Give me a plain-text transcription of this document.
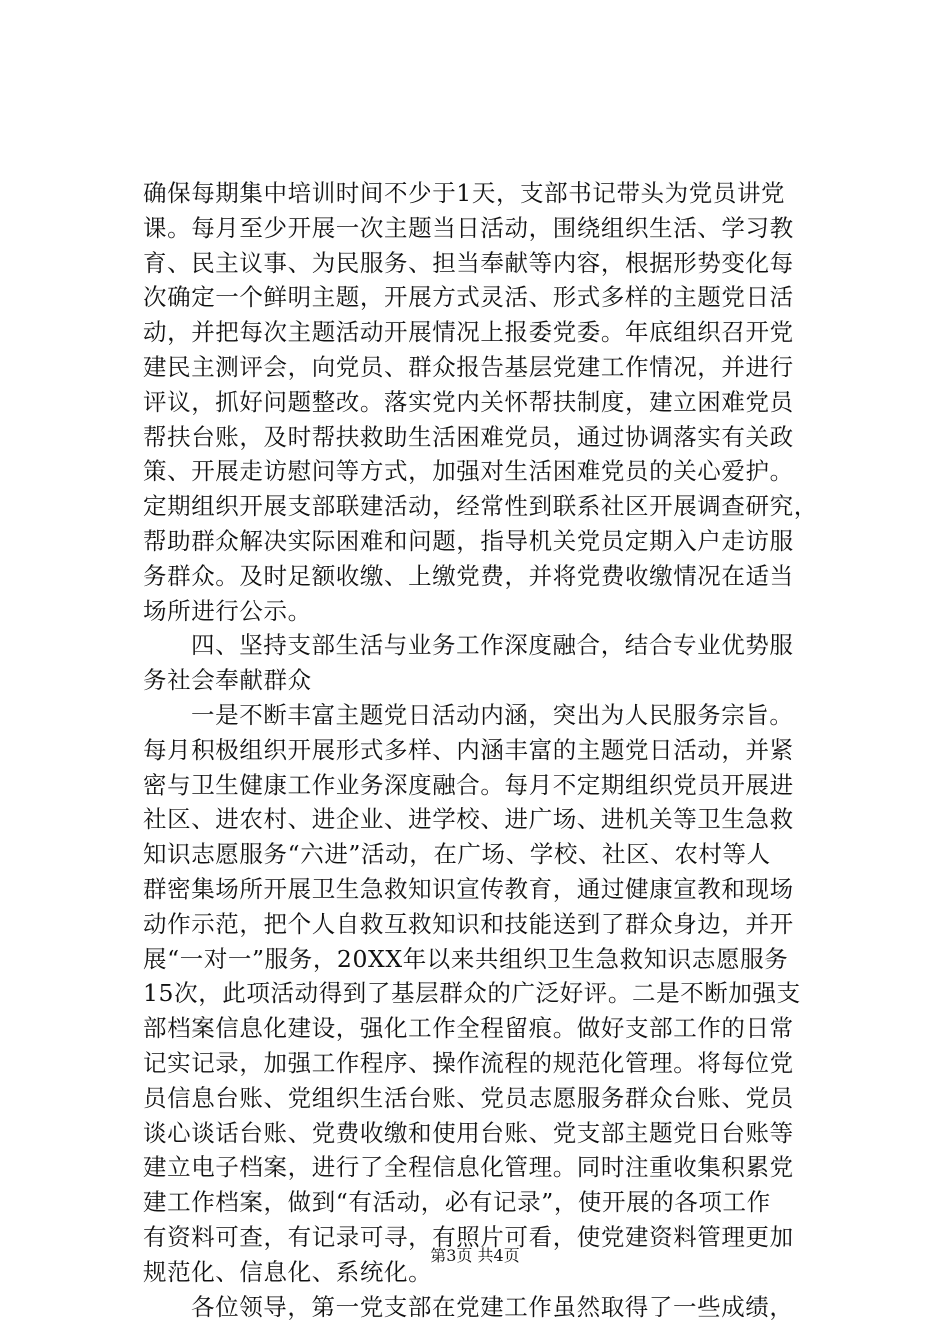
确保每期集中培训时间不少于1天，支部书记带头为党员讲党
课。每月至少开展一次主题当日活动，围绕组织生活、学习教
育、民主议事、为民服务、担当奉献等内容，根据形势变化每
次确定一个鲜明主题，开展方式灵活、形式多样的主题党日活
动，并把每次主题活动开展情况上报委党委。年底组织召开党
建民主测评会，向党员、群众报告基层党建工作情况，并进行
评议，抓好问题整改。落实党内关怀帮扶制度，建立困难党员
帮扶台账，及时帮扶救助生活困难党员，通过协调落实有关政
策、开展走访慰问等方式，加强对生活困难党员的关心爱护。
定期组织开展支部联建活动，经常性到联系社区开展调查研究，
帮助群众解决实际困难和问题，指导机关党员定期入户走访服
务群众。及时足额收缴、上缴党费，并将党费收缴情况在适当
场所进行公示。
四、坚持支部生活与业务工作深度融合，结合专业优势服
务社会奉献群众
一是不断丰富主题党日活动内涵，突出为人民服务宗旨。
每月积极组织开展形式多样、内涵丰富的主题党日活动，并紧
密与卫生健康工作业务深度融合。每月不定期组织党员开展进
社区、进农村、进企业、进学校、进广场、进机关等卫生急救
知识志愿服务“六进”活动，在广场、学校、社区、农村等人
群密集场所开展卫生急救知识宣传教育，通过健康宣教和现场
动作示范，把个人自救互救知识和技能送到了群众身边，并开
展“一对一”服务，20XX年以来共组织卫生急救知识志愿服务
15次，此项活动得到了基层群众的广泛好评。二是不断加强支
部档案信息化建设，强化工作全程留痕。做好支部工作的日常
记实记录，加强工作程序、操作流程的规范化管理。将每位党
员信息台账、党组织生活台账、党员志愿服务群众台账、党员
谈心谈话台账、党费收缴和使用台账、党支部主题党日台账等
建立电子档案，进行了全程信息化管理。同时注重收集积累党
建工作档案，做到“有活动，必有记录”，使开展的各项工作
有资料可查，有记录可寻，有照片可看，使党建资料管理更加
规范化、信息化、系统化。
各位领导，第一党支部在党建工作虽然取得了一些成绩，
第3页 共4页
